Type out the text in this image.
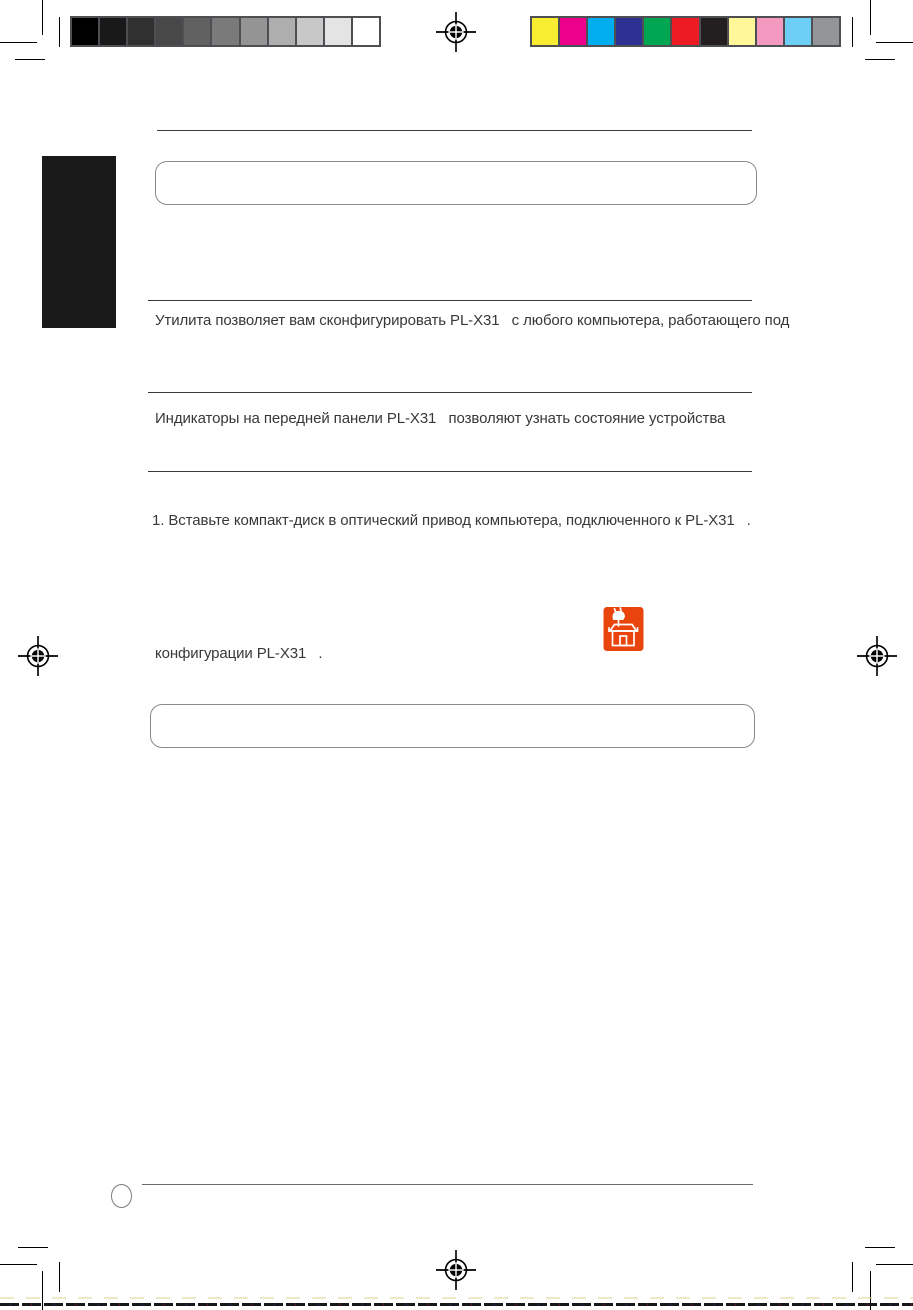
Утилита позволяет вам сконфигурировать PL-X31   с любого компьютера, работающего под
Индикаторы на передней панели PL-X31   позволяют узнать состояние устройства
1. Вставьте компакт-диск в оптический привод компьютера, подключенного к PL-X31   .
конфигурации PL-X31   .
